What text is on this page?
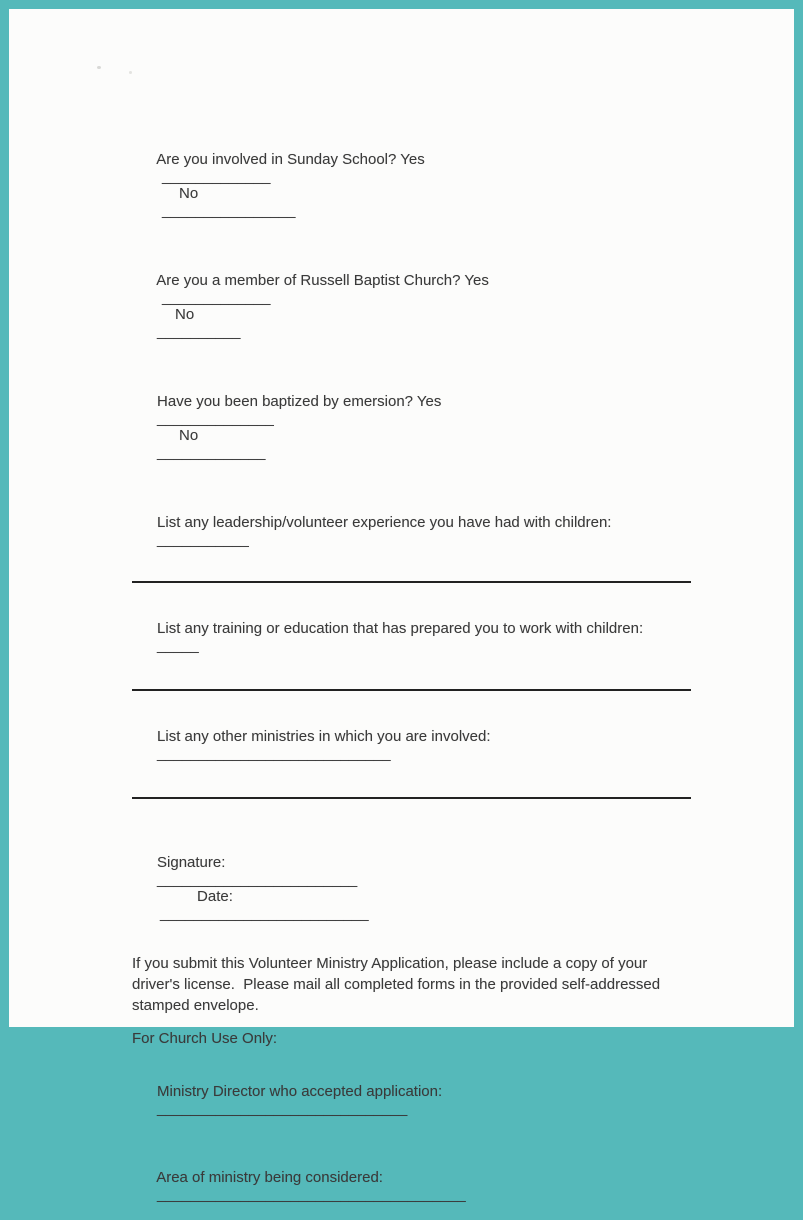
Are you involved in Sunday School? Yes
_____________
No
________________

Are you a member of Russell Baptist Church? Yes
_____________
No
__________

Have you been baptized by emersion? Yes
______________
No
_____________

List any leadership/volunteer experience you have had with children:
___________

List any training or education that has prepared you to work with children:
_____

List any other ministries in which you are involved:
____________________________

Signature:
________________________
Date:
_________________________

If you submit this Volunteer Ministry Application, please include a copy of your driver's license.  Please mail all completed forms in the provided self-addressed stamped envelope.
For Church Use Only:

Ministry Director who accepted application:
______________________________

Area of ministry being considered:
_____________________________________
